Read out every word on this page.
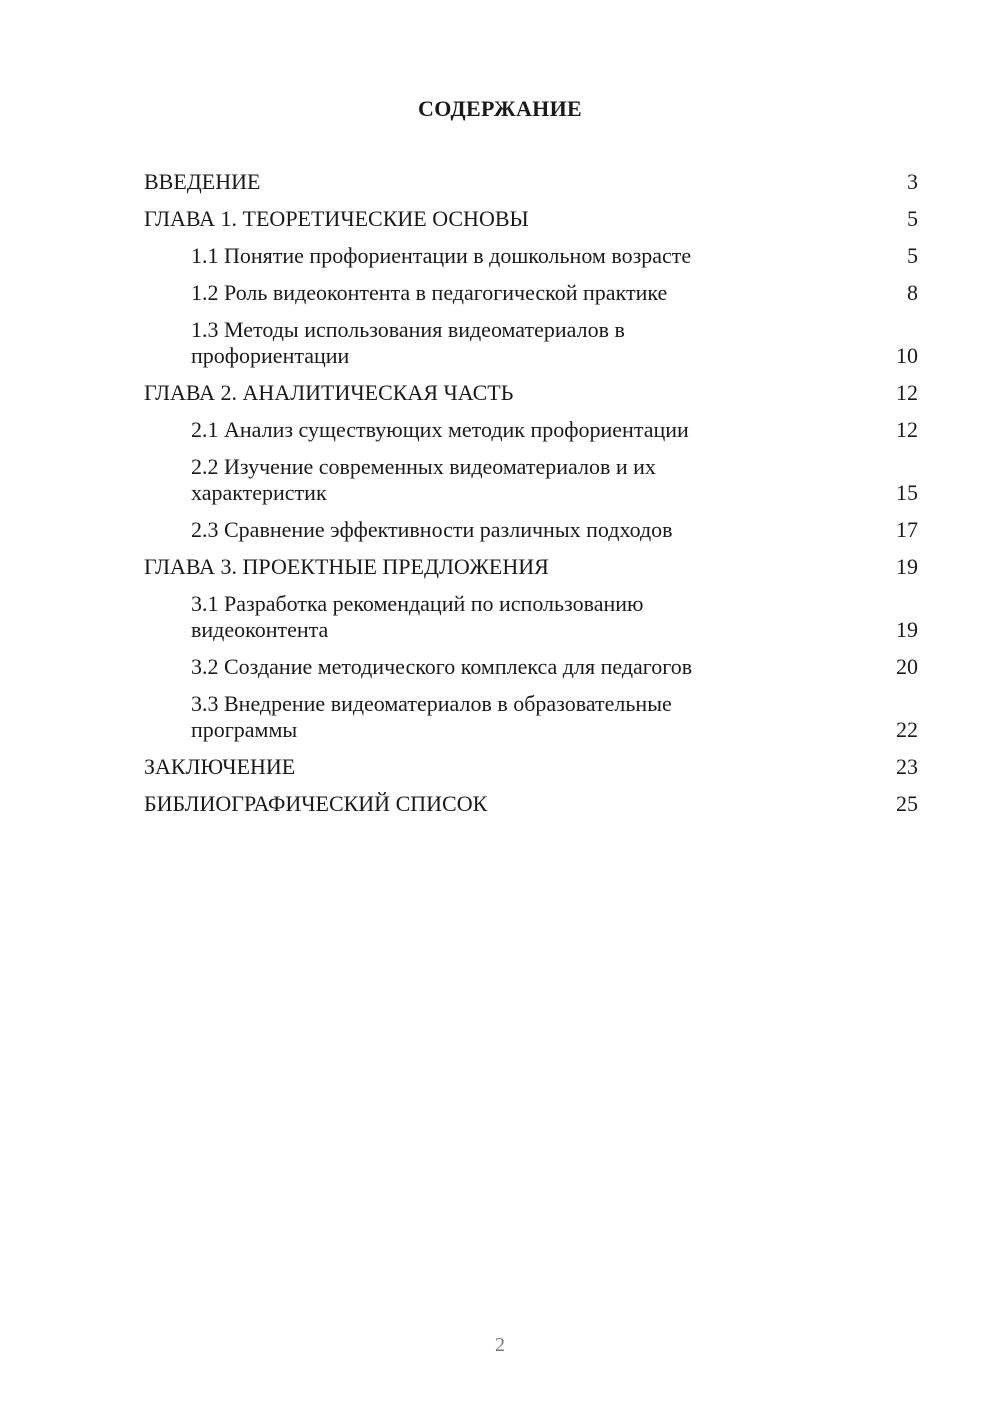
СОДЕРЖАНИЕ
ВВЕДЕНИЕ	3
ГЛАВА 1. ТЕОРЕТИЧЕСКИЕ ОСНОВЫ	5
1.1 Понятие профориентации в дошкольном возрасте	5
1.2 Роль видеоконтента в педагогической практике	8
1.3 Методы использования видеоматериалов в
профориентации	10
ГЛАВА 2. АНАЛИТИЧЕСКАЯ ЧАСТЬ	12
2.1 Анализ существующих методик профориентации	12
2.2 Изучение современных видеоматериалов и их
характеристик	15
2.3 Сравнение эффективности различных подходов	17
ГЛАВА 3. ПРОЕКТНЫЕ ПРЕДЛОЖЕНИЯ	19
3.1 Разработка рекомендаций по использованию
видеоконтента	19
3.2 Создание методического комплекса для педагогов	20
3.3 Внедрение видеоматериалов в образовательные
программы	22
ЗАКЛЮЧЕНИЕ	23
БИБЛИОГРАФИЧЕСКИЙ СПИСОК	25
2
